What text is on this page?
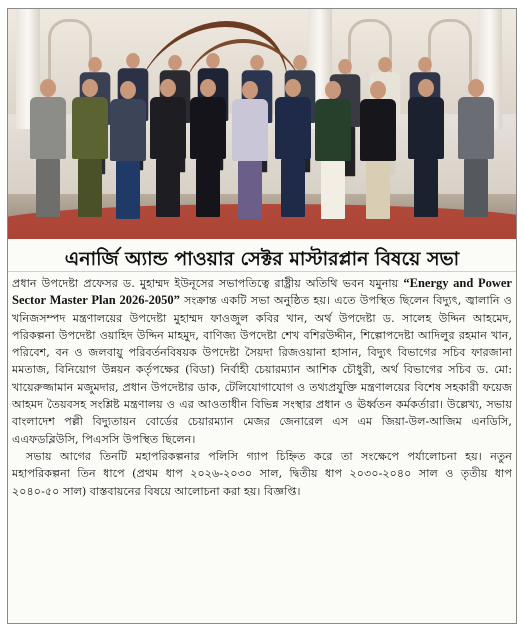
এনার্জি অ্যান্ড পাওয়ার সেক্টর মাস্টারপ্লান বিষয়ে সভা

প্রধান উপদেষ্টা প্রফেসর ড. মুহাম্মদ ইউনূসের সভাপতিত্বে রাষ্ট্রীয় অতিথি ভবন যমুনায় “Energy and Power Sector Master Plan 2026-2050” সংক্রান্ত একটি সভা অনুষ্ঠিত হয়। এতে উপস্থিত ছিলেন বিদ্যুৎ, জ্বালানি ও খনিজসম্পদ মন্ত্রণালয়ের উপদেষ্টা মুহাম্মদ ফাওজুল কবির খান, অর্থ উপদেষ্টা ড. সালেহ উদ্দিন আহমেদ, পরিকল্পনা উপদেষ্টা ওয়াহিদ উদ্দিন মাহমুদ, বাণিজ্য উপদেষ্টা শেখ বশিরউদ্দীন, শিল্পোপদেষ্টা আদিলুর রহমান খান, পরিবেশ, বন ও জলবায়ু পরিবর্তনবিষয়ক উপদেষ্টা সৈয়দা রিজওয়ানা হাসান, বিদ্যুৎ বিভাগের সচিব ফারজানা মমতাজ, বিনিয়োগ উন্নয়ন কর্তৃপক্ষের (বিডা) নির্বাহী চেয়ারম্যান আশিক চৌধুরী, অর্থ বিভাগের সচিব ড. মো: খায়েরুজ্জামান মজুমদার, প্রধান উপদেষ্টার ডাক, টেলিযোগাযোগ ও তথ্যপ্রযুক্তি মন্ত্রণালয়ের বিশেষ সহকারী ফয়েজ আহমদ তৈয়বসহ সংশ্লিষ্ট মন্ত্রণালয় ও এর আওতাধীন বিভিন্ন সংস্থার প্রধান ও ঊর্ধ্বতন কর্মকর্তারা। উল্লেখ্য, সভায় বাংলাদেশ পল্লী বিদ্যুতায়ন বোর্ডের চেয়ারম্যান মেজর জেনারেল এস এম জিয়া-উল-আজিম এনডিসি, এএফডব্লিউসি, পিএসসি উপস্থিত ছিলেন।

সভায় আগের তিনটি মহাপরিকল্পনার পলিসি গ্যাপ চিহ্নিত করে তা সংক্ষেপে পর্যালোচনা হয়। নতুন মহাপরিকল্পনা তিন ধাপে (প্রথম ধাপ ২০২৬-২০৩০ সাল, দ্বিতীয় ধাপ ২০৩০-২০৪০ সাল ও তৃতীয় ধাপ ২০৪০-৫০ সাল) বাস্তবায়নের বিষয়ে আলোচনা করা হয়। বিজ্ঞপ্তি।
